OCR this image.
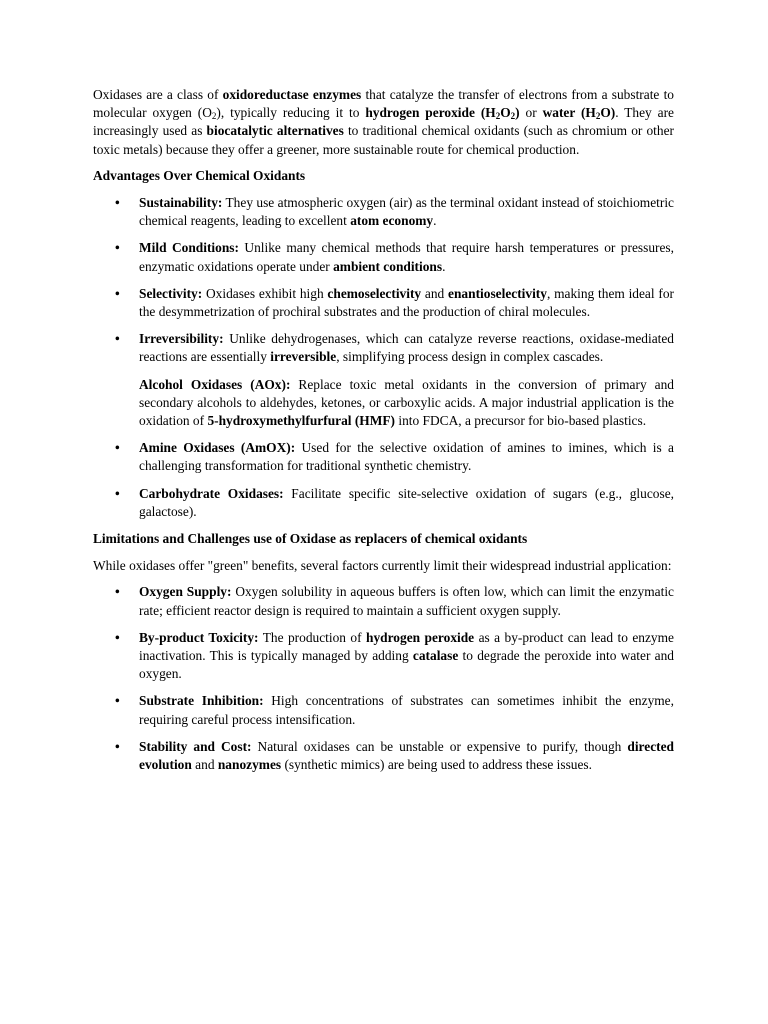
Oxidases are a class of oxidoreductase enzymes that catalyze the transfer of electrons from a substrate to molecular oxygen $(O_2)$, typically reducing it to hydrogen peroxide $(H_2O_2)$ or water $(H_2O)$. They are increasingly used as biocatalytic alternatives to traditional chemical oxidants (such as chromium or other toxic metals) because they offer a greener, more sustainable route for chemical production.

Advantages Over Chemical Oxidants
• Sustainability: They use atmospheric oxygen (air) as the terminal oxidant instead of stoichiometric chemical reagents, leading to excellent atom economy.
• Mild Conditions: Unlike many chemical methods that require harsh temperatures or pressures, enzymatic oxidations operate under ambient conditions.
• Selectivity: Oxidases exhibit high chemoselectivity and enantioselectivity, making them ideal for the desymmetrization of prochiral substrates and the production of chiral molecules.
• Irreversibility: Unlike dehydrogenases, which can catalyze reverse reactions, oxidase-mediated reactions are essentially irreversible, simplifying process design in complex cascades.

Alcohol Oxidases (AOx): Replace toxic metal oxidants in the conversion of primary and secondary alcohols to aldehydes, ketones, or carboxylic acids. A major industrial application is the oxidation of 5-hydroxymethylfurfural (HMF) into FDCA, a precursor for bio-based plastics.

• Amine Oxidases (AmOX): Used for the selective oxidation of amines to imines, which is a challenging transformation for traditional synthetic chemistry.
• Carbohydrate Oxidases: Facilitate specific site-selective oxidation of sugars (e.g., glucose, galactose).
Limitations and Challenges use of Oxidase as replacers of chemical oxidants

While oxidases offer "green" benefits, several factors currently limit their widespread industrial application:

• Oxygen Supply: Oxygen solubility in aqueous buffers is often low, which can limit the enzymatic rate; efficient reactor design is required to maintain a sufficient oxygen supply.
• By-product Toxicity: The production of hydrogen peroxide as a by-product can lead to enzyme inactivation. This is typically managed by adding catalase to degrade the peroxide into water and oxygen.
• Substrate Inhibition: High concentrations of substrates can sometimes inhibit the enzyme, requiring careful process intensification.
• Stability and Cost: Natural oxidases can be unstable or expensive to purify, though directed evolution and nanozymes (synthetic mimics) are being used to address these issues.
